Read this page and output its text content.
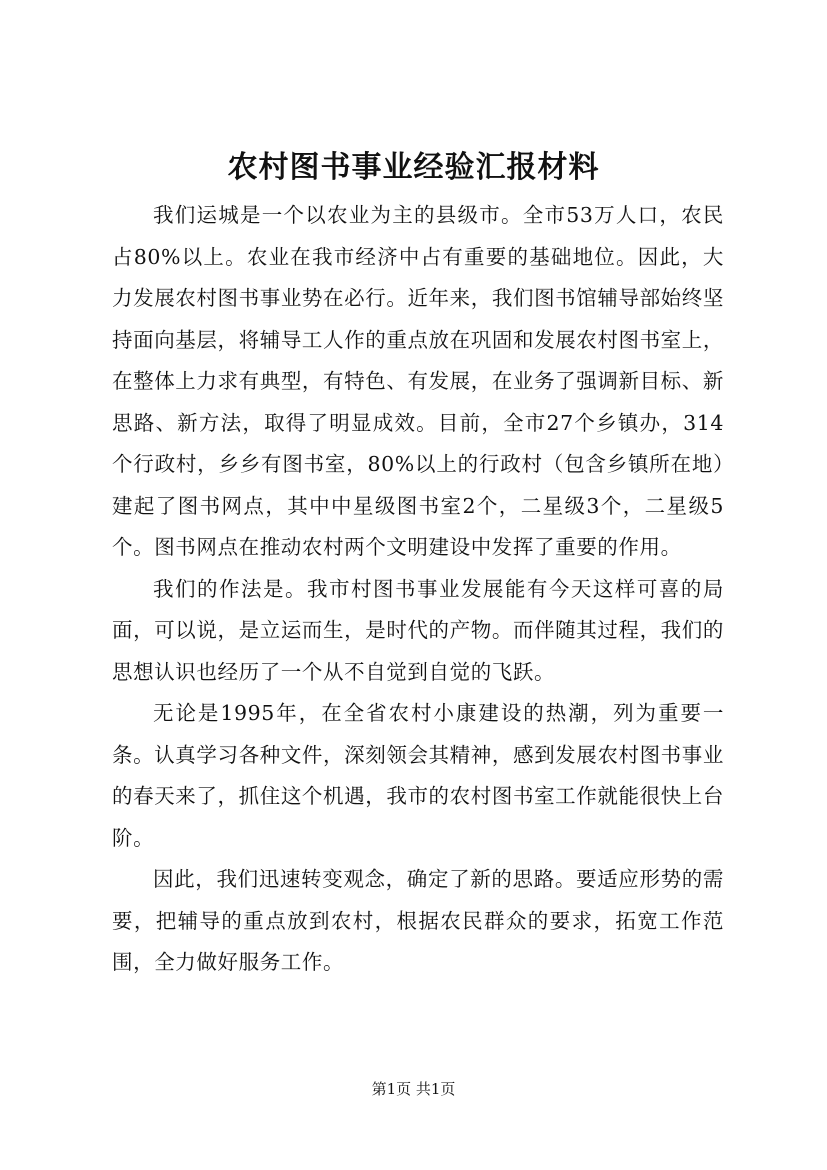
农村图书事业经验汇报材料

我们运城是一个以农业为主的县级市。全市53万人口，农民占80%以上。农业在我市经济中占有重要的基础地位。因此，大力发展农村图书事业势在必行。近年来，我们图书馆辅导部始终坚持面向基层，将辅导工人作的重点放在巩固和发展农村图书室上，在整体上力求有典型，有特色、有发展，在业务了强调新目标、新思路、新方法，取得了明显成效。目前，全市27个乡镇办，314个行政村，乡乡有图书室，80%以上的行政村（包含乡镇所在地）建起了图书网点，其中中星级图书室2个，二星级3个，二星级5个。图书网点在推动农村两个文明建设中发挥了重要的作用。

我们的作法是。我市村图书事业发展能有今天这样可喜的局面，可以说，是立运而生，是时代的产物。而伴随其过程，我们的思想认识也经历了一个从不自觉到自觉的飞跃。

无论是1995年，在全省农村小康建设的热潮，列为重要一条。认真学习各种文件，深刻领会其精神，感到发展农村图书事业的春天来了，抓住这个机遇，我市的农村图书室工作就能很快上台阶。

因此，我们迅速转变观念，确定了新的思路。要适应形势的需要，把辅导的重点放到农村，根据农民群众的要求，拓宽工作范围，全力做好服务工作。

第1页 共1页
